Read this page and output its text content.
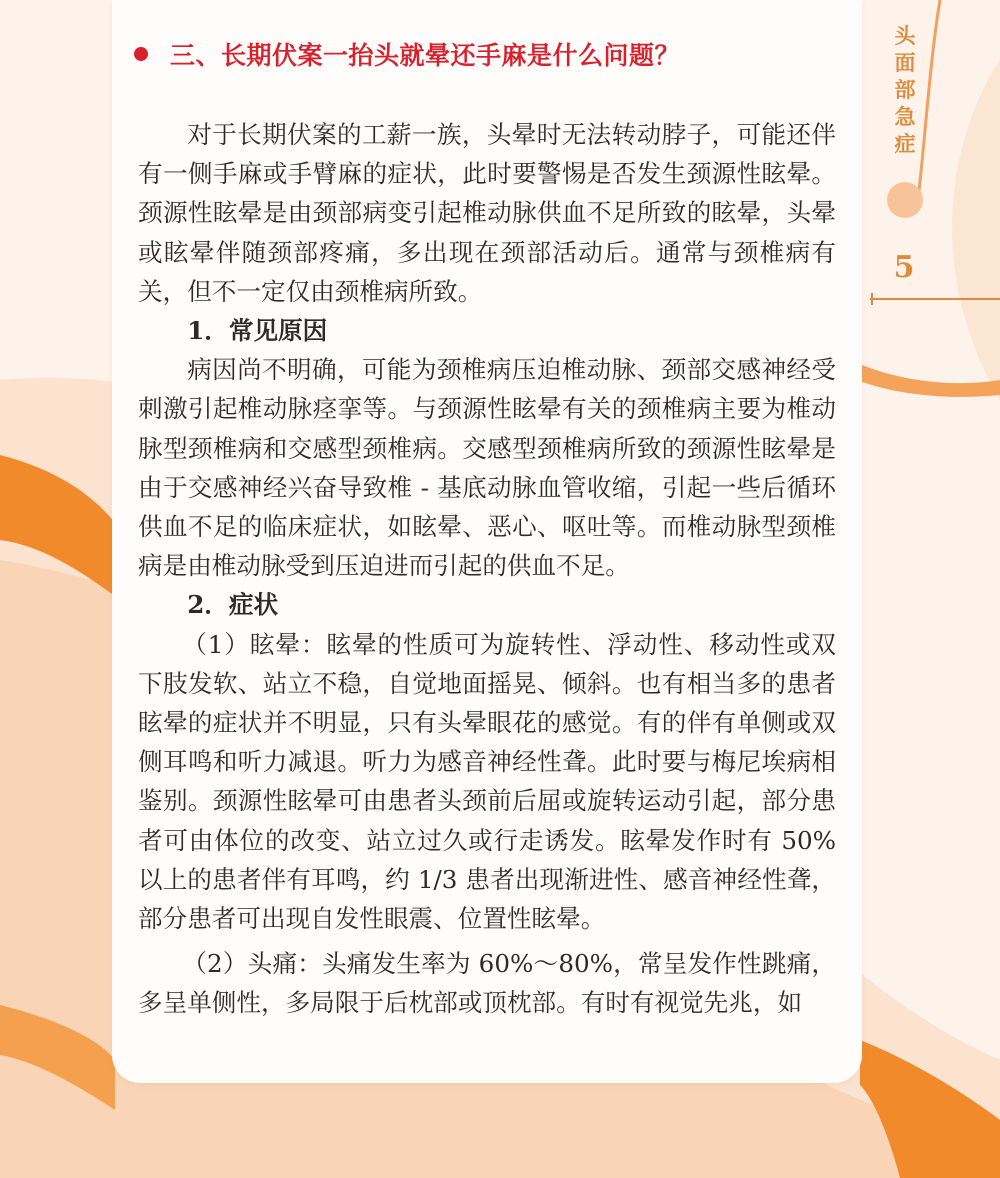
头
面
部
急
症
5
三、长期伏案一抬头就晕还手麻是什么问题？

对于长期伏案的工薪一族，头晕时无法转动脖子，可能还伴有一侧手麻或手臂麻的症状，此时要警惕是否发生颈源性眩晕。颈源性眩晕是由颈部病变引起椎动脉供血不足所致的眩晕，头晕或眩晕伴随颈部疼痛，多出现在颈部活动后。通常与颈椎病有关，但不一定仅由颈椎病所致。

1．常见原因

病因尚不明确，可能为颈椎病压迫椎动脉、颈部交感神经受刺激引起椎动脉痉挛等。与颈源性眩晕有关的颈椎病主要为椎动脉型颈椎病和交感型颈椎病。交感型颈椎病所致的颈源性眩晕是由于交感神经兴奋导致椎 - 基底动脉血管收缩，引起一些后循环供血不足的临床症状，如眩晕、恶心、呕吐等。而椎动脉型颈椎病是由椎动脉受到压迫进而引起的供血不足。

2．症状

（1）眩晕：眩晕的性质可为旋转性、浮动性、移动性或双下肢发软、站立不稳，自觉地面摇晃、倾斜。也有相当多的患者眩晕的症状并不明显，只有头晕眼花的感觉。有的伴有单侧或双侧耳鸣和听力减退。听力为感音神经性聋。此时要与梅尼埃病相鉴别。颈源性眩晕可由患者头颈前后屈或旋转运动引起，部分患者可由体位的改变、站立过久或行走诱发。眩晕发作时有 50% 以上的患者伴有耳鸣，约 1/3 患者出现渐进性、感音神经性聋，部分患者可出现自发性眼震、位置性眩晕。

（2）头痛：头痛发生率为 60%～80%，常呈发作性跳痛，多呈单侧性，多局限于后枕部或顶枕部。有时有视觉先兆，如
